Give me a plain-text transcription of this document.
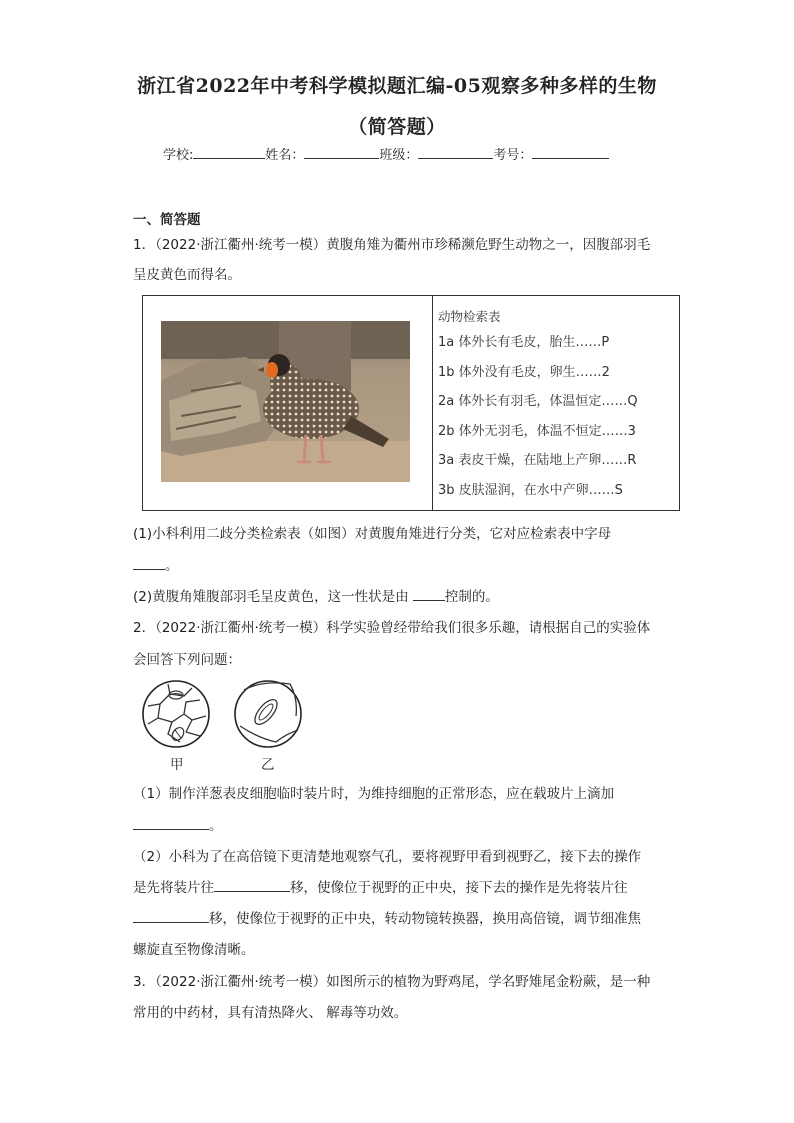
浙江省2022年中考科学模拟题汇编-05观察多种多样的生物
（简答题）
学校:	姓名：	班级：	考号：
一、简答题
1．（2022·浙江衢州·统考一模）黄腹角雉为衢州市珍稀濒危野生动物之一，因腹部羽毛
呈皮黄色而得名。
动物检索表
1a 体外长有毛皮，胎生……P
1b 体外没有毛皮，卵生……2
2a 体外长有羽毛，体温恒定……Q
2b 体外无羽毛，体温不恒定……3
3a 表皮干燥，在陆地上产卵……R
3b 皮肤湿润，在水中产卵……S
(1)小科利用二歧分类检索表（如图）对黄腹角雉进行分类，它对应检索表中字母
。
(2)黄腹角雉腹部羽毛呈皮黄色，这一性状是由 控制的。
2．（2022·浙江衢州·统考一模）科学实验曾经带给我们很多乐趣，请根据自己的实验体
会回答下列问题：
甲	乙
（1）制作洋葱表皮细胞临时装片时，为维持细胞的正常形态，应在载玻片上滴加
。
（2）小科为了在高倍镜下更清楚地观察气孔，要将视野甲看到视野乙，接下去的操作
是先将装片往	移，使像位于视野的正中央，接下去的操作是先将装片往
移，使像位于视野的正中央，转动物镜转换器，换用高倍镜，调节细准焦
螺旋直至物像清晰。
3．（2022·浙江衢州·统考一模）如图所示的植物为野鸡尾，学名野雉尾金粉蕨，是一种
常用的中药材，具有清热降火、 解毒等功效。
